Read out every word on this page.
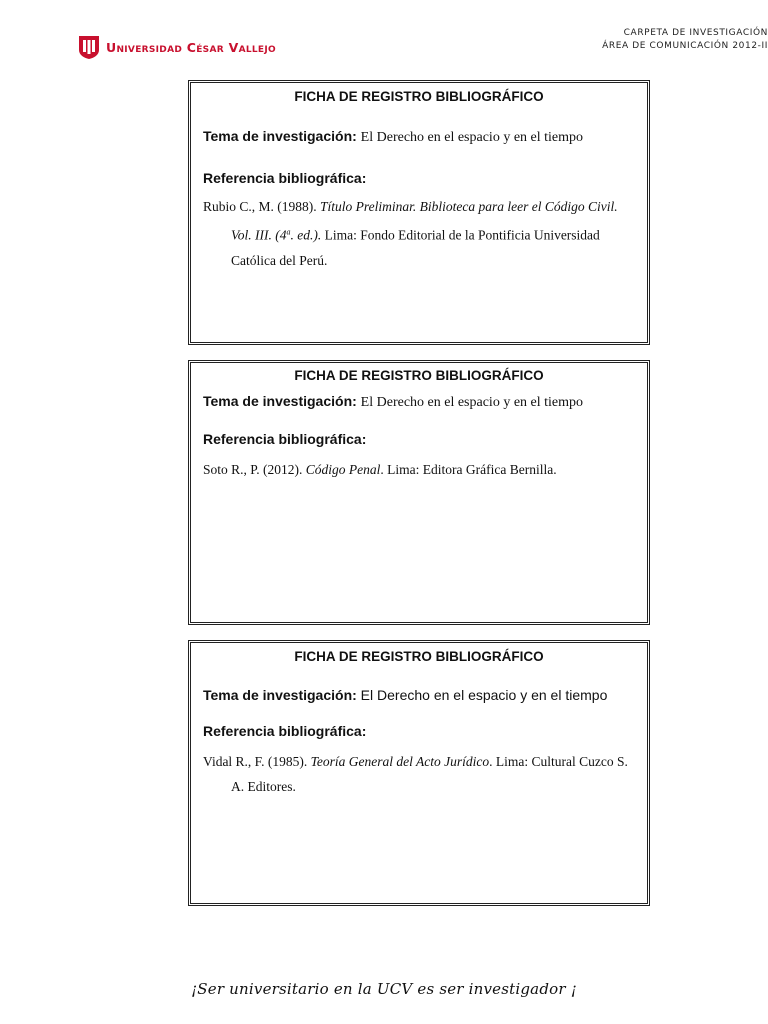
Universidad César Vallejo
CARPETA DE INVESTIGACIÓN
ÁREA DE COMUNICACIÓN 2012-II
FICHA DE REGISTRO BIBLIOGRÁFICO
Tema de investigación: El Derecho en el espacio y en el tiempo
Referencia bibliográfica:
Rubio C., M. (1988). Título Preliminar. Biblioteca para leer el Código Civil. Vol. III. (4$^a$. ed.). Lima: Fondo Editorial de la Pontificia Universidad Católica del Perú.
FICHA DE REGISTRO BIBLIOGRÁFICO
Tema de investigación: El Derecho en el espacio y en el tiempo
Referencia bibliográfica:
Soto R., P. (2012). Código Penal. Lima: Editora Gráfica Bernilla.
FICHA DE REGISTRO BIBLIOGRÁFICO
Tema de investigación: El Derecho en el espacio y en el tiempo
Referencia bibliográfica:
Vidal R., F. (1985). Teoría General del Acto Jurídico. Lima: Cultural Cuzco S. A. Editores.
¡Ser universitario en la UCV es ser investigador ¡
